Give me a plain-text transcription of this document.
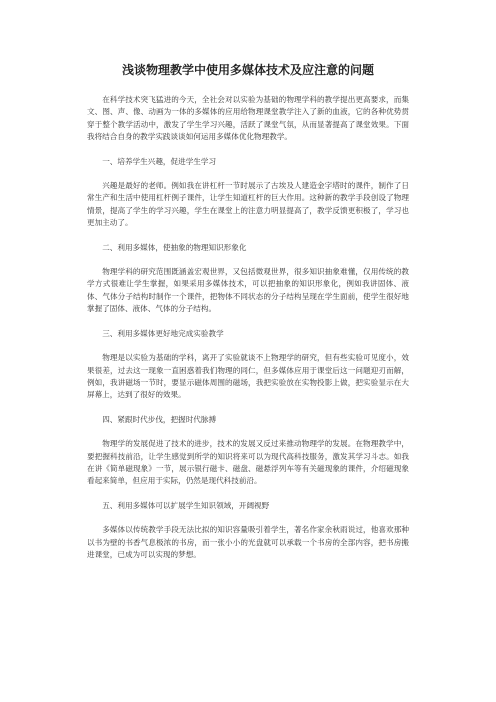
浅谈物理教学中使用多媒体技术及应注意的问题

在科学技术突飞猛进的今天，全社会对以实验为基础的物理学科的教学提出更高要求，而集文、图、声、像、动画为一体的多媒体的应用给物理课堂教学注入了新的血液，它的各种优势贯穿于整个教学活动中，激发了学生学习兴趣，活跃了课堂气氛，从而显著提高了课堂效果。下面我将结合自身的教学实践谈谈如何运用多媒体优化物理教学。

一、培养学生兴趣，促进学生学习

兴趣是最好的老师。例如我在讲杠杆一节时展示了古埃及人建造金字塔时的课件，制作了日常生产和生活中使用杠杆例子课件，让学生知道杠杆的巨大作用。这种新的教学手段创设了物理情景，提高了学生的学习兴趣，学生在课堂上的注意力明显提高了，教学反馈更积极了，学习也更加主动了。

二、利用多媒体，使抽象的物理知识形象化

物理学科的研究范围既涵盖宏观世界，又包括微观世界，很多知识抽象难懂，仅用传统的教学方式很难让学生掌握，如果采用多媒体技术，可以把抽象的知识形象化，例如我讲固体、液体、气体分子结构时制作一个课件，把物体不同状态的分子结构呈现在学生面前，使学生很好地掌握了固体、液体、气体的分子结构。

三、利用多媒体更好地完成实验教学

物理是以实验为基础的学科，离开了实验就谈不上物理学的研究，但有些实验可见度小，效果很差，过去这一现象一直困惑着我们物理的同仁，但多媒体应用于课堂后这一问题迎刃而解，例如，我讲磁场一节时，要显示磁体周围的磁场，我把实验放在实物投影上做，把实验显示在大屏幕上，达到了很好的效果。

四、紧跟时代步伐，把握时代脉搏

物理学的发展促进了技术的进步，技术的发展又反过来推动物理学的发展。在物理教学中，要把握科技前沿，让学生感觉到所学的知识将来可以为现代高科技服务，激发其学习斗志。如我在讲《简单磁现象》一节，展示银行磁卡、磁盘、磁悬浮列车等有关磁现象的课件，介绍磁现象看起来简单，但应用于实际，仍然是现代科技前沿。

五、利用多媒体可以扩展学生知识领域，开阔视野

多媒体以传统教学手段无法比拟的知识容量吸引着学生，著名作家余秋雨说过，他喜欢那种以书为壁的书香气息极浓的书房，而一张小小的光盘就可以承载一个书房的全部内容，把书房搬进课堂，已成为可以实现的梦想。
